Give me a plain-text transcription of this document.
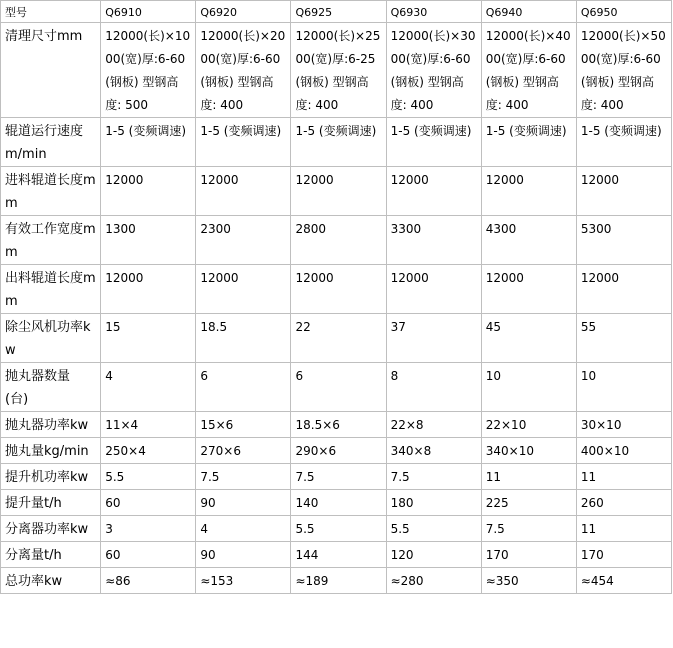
型号	Q6910	Q6920	Q6925	Q6930	Q6940	Q6950
清理尺寸mm	12000(长)×1000(宽)厚:6-60 (钢板) 型钢高度: 500	12000(长)×2000(宽)厚:6-60 (钢板) 型钢高度: 400	12000(长)×2500(宽)厚:6-25 (钢板) 型钢高度: 400	12000(长)×3000(宽)厚:6-60 (钢板) 型钢高度: 400	12000(长)×4000(宽)厚:6-60 (钢板) 型钢高度: 400	12000(长)×5000(宽)厚:6-60 (钢板) 型钢高度: 400
辊道运行速度m/min	1-5 (变频调速)	1-5 (变频调速)	1-5 (变频调速)	1-5 (变频调速)	1-5 (变频调速)	1-5 (变频调速)
进料辊道长度mm	12000	12000	12000	12000	12000	12000
有效工作宽度mm	1300	2300	2800	3300	4300	5300
出料辊道长度mm	12000	12000	12000	12000	12000	12000
除尘风机功率kw	15	18.5	22	37	45	55
抛丸器数量 (台)	4	6	6	8	10	10
抛丸器功率kw	11×4	15×6	18.5×6	22×8	22×10	30×10
抛丸量kg/min	250×4	270×6	290×6	340×8	340×10	400×10
提升机功率kw	5.5	7.5	7.5	7.5	11	11
提升量t/h	60	90	140	180	225	260
分离器功率kw	3	4	5.5	5.5	7.5	11
分离量t/h	60	90	144	120	170	170
总功率kw	≈86	≈153	≈189	≈280	≈350	≈454
